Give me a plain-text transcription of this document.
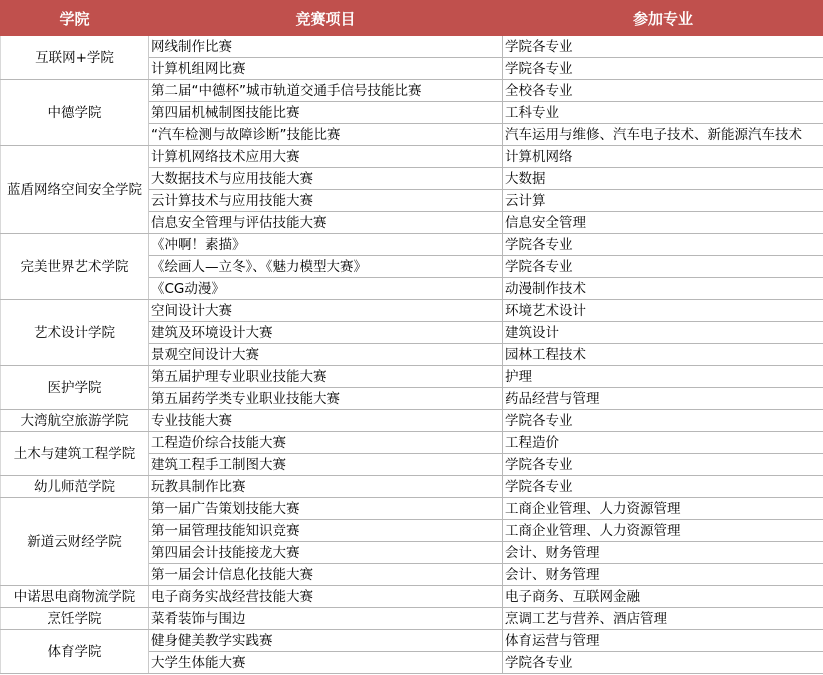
学院	竞赛项目	参加专业
互联网+学院	网线制作比赛	学院各专业
	计算机组网比赛	学院各专业
中德学院	第二届“中德杯”城市轨道交通手信号技能比赛	全校各专业
	第四届机械制图技能比赛	工科专业
	“汽车检测与故障诊断”技能比赛	汽车运用与维修、汽车电子技术、新能源汽车技术
蓝盾网络空间安全学院	计算机网络技术应用大赛	计算机网络
	大数据技术与应用技能大赛	大数据
	云计算技术与应用技能大赛	云计算
	信息安全管理与评估技能大赛	信息安全管理
完美世界艺术学院	《冲啊！素描》	学院各专业
	《绘画人—立冬》、《魅力模型大赛》	学院各专业
	《CG动漫》	动漫制作技术
艺术设计学院	空间设计大赛	环境艺术设计
	建筑及环境设计大赛	建筑设计
	景观空间设计大赛	园林工程技术
医护学院	第五届护理专业职业技能大赛	护理
	第五届药学类专业职业技能大赛	药品经营与管理
大湾航空旅游学院	专业技能大赛	学院各专业
土木与建筑工程学院	工程造价综合技能大赛	工程造价
	建筑工程手工制图大赛	学院各专业
幼儿师范学院	玩教具制作比赛	学院各专业
新道云财经学院	第一届广告策划技能大赛	工商企业管理、人力资源管理
	第一届管理技能知识竞赛	工商企业管理、人力资源管理
	第四届会计技能接龙大赛	会计、财务管理
	第一届会计信息化技能大赛	会计、财务管理
中诺思电商物流学院	电子商务实战经营技能大赛	电子商务、互联网金融
烹饪学院	菜肴装饰与围边	烹调工艺与营养、酒店管理
体育学院	健身健美教学实践赛	体育运营与管理
	大学生体能大赛	学院各专业
